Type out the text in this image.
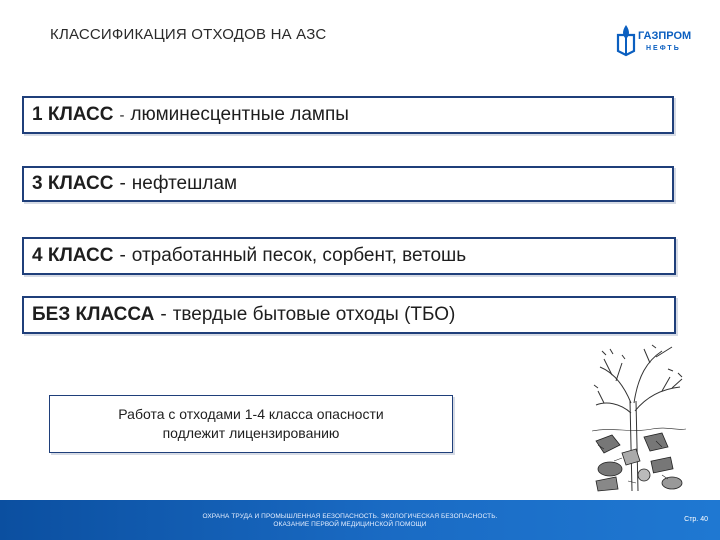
КЛАССИФИКАЦИЯ ОТХОДОВ НА АЗС	ГАЗПРОМ
НЕФТЬ
1 КЛАСС - люминесцентные лампы
3 КЛАСС - нефтешлам
4 КЛАСС - отработанный песок, сорбент, ветошь
БЕЗ КЛАССА - твердые бытовые отходы (ТБО)
Работа с отходами 1-4 класса опасности
подлежит лицензированию
ОХРАНА ТРУДА И ПРОМЫШЛЕННАЯ БЕЗОПАСНОСТЬ. ЭКОЛОГИЧЕСКАЯ БЕЗОПАСНОСТЬ.
ОКАЗАНИЕ ПЕРВОЙ МЕДИЦИНСКОЙ ПОМОЩИ
Стр. 40
